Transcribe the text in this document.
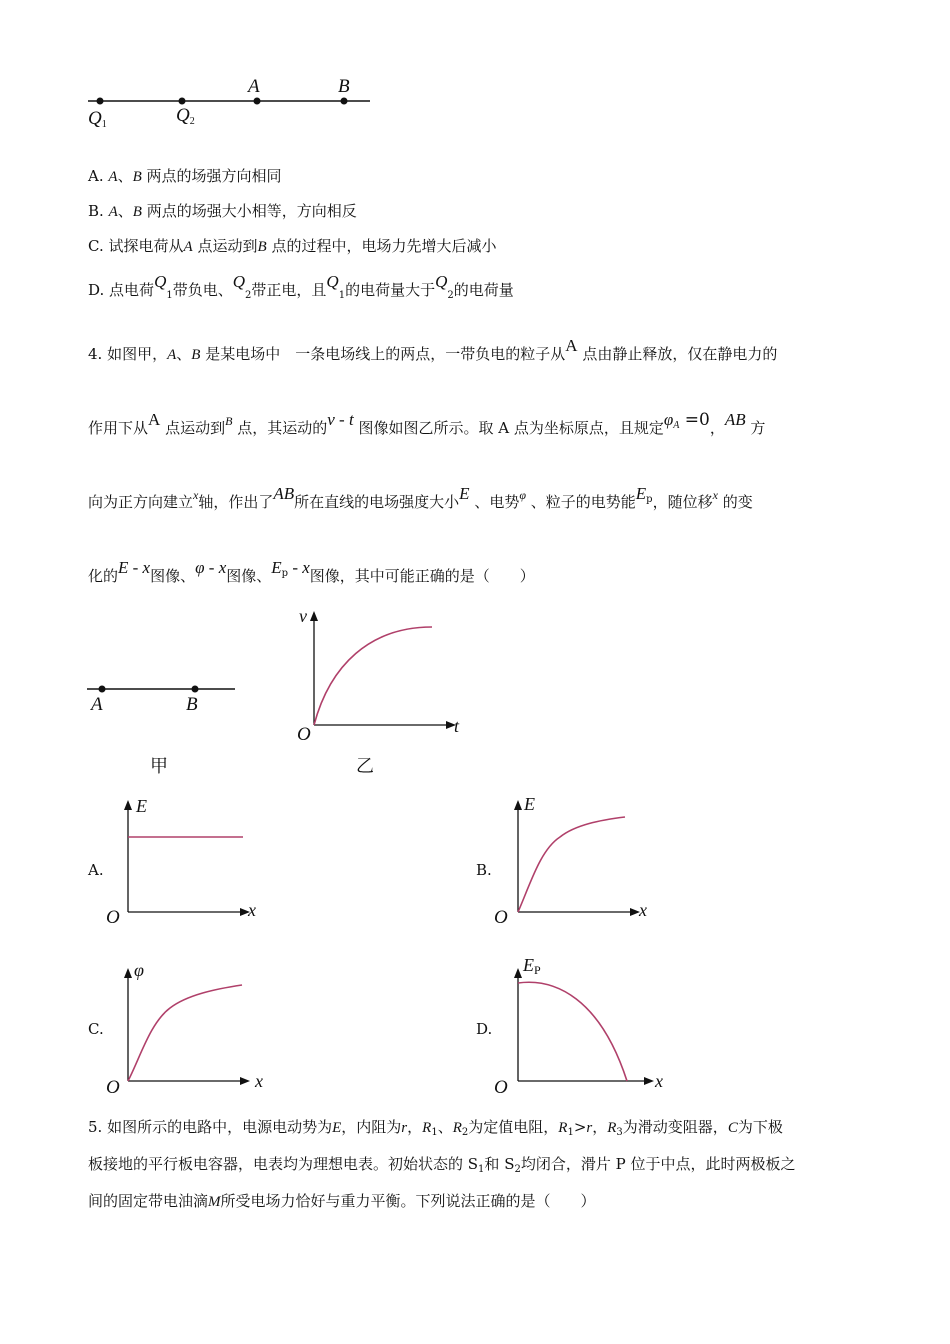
A	B
$Q_1$	$Q_2$
A. A、B 两点的场强方向相同
B. A、B 两点的场强大小相等，方向相反
C. 试探电荷从A 点运动到B 点的过程中，电场力先增大后减小
D. 点电荷$Q_1$带负电、$Q_2$带正电，且$Q_1$的电荷量大于$Q_2$的电荷量
4. 如图甲，A、B 是某电场中　一条电场线上的两点，一带负电的粒子从A 点由静止释放，仅在静电力的
作用下从A 点运动到$^B$ 点，其运动的v - t 图像如图乙所示。取 A 点为坐标原点，且规定$\varphi^A =0$，AB 方
向为正方向建立$^x$轴，作出了AB所在直线的电场强度大小E 、电势$^\varphi$ 、粒子的电势能$E^p$，随位移$^x$ 的变
化的E - x图像、φ - x图像、$E^p$ - x图像，其中可能正确的是（　　）
A	B
甲
v
t
O
乙
A.
E
x
O
B.
E
x
O
C.
φ
x
O
D.
EP
x
O
5. 如图所示的电路中，电源电动势为E，内阻为r，$R_1$、$R_2$为定值电阻，$R_1>r$，$R_3$为滑动变阻器，C为下极
板接地的平行板电容器，电表均为理想电表。初始状态的 $S_1$和 $S_2$均闭合，滑片 P 位于中点，此时两极板之
间的固定带电油滴M所受电场力恰好与重力平衡。下列说法正确的是（　　）
